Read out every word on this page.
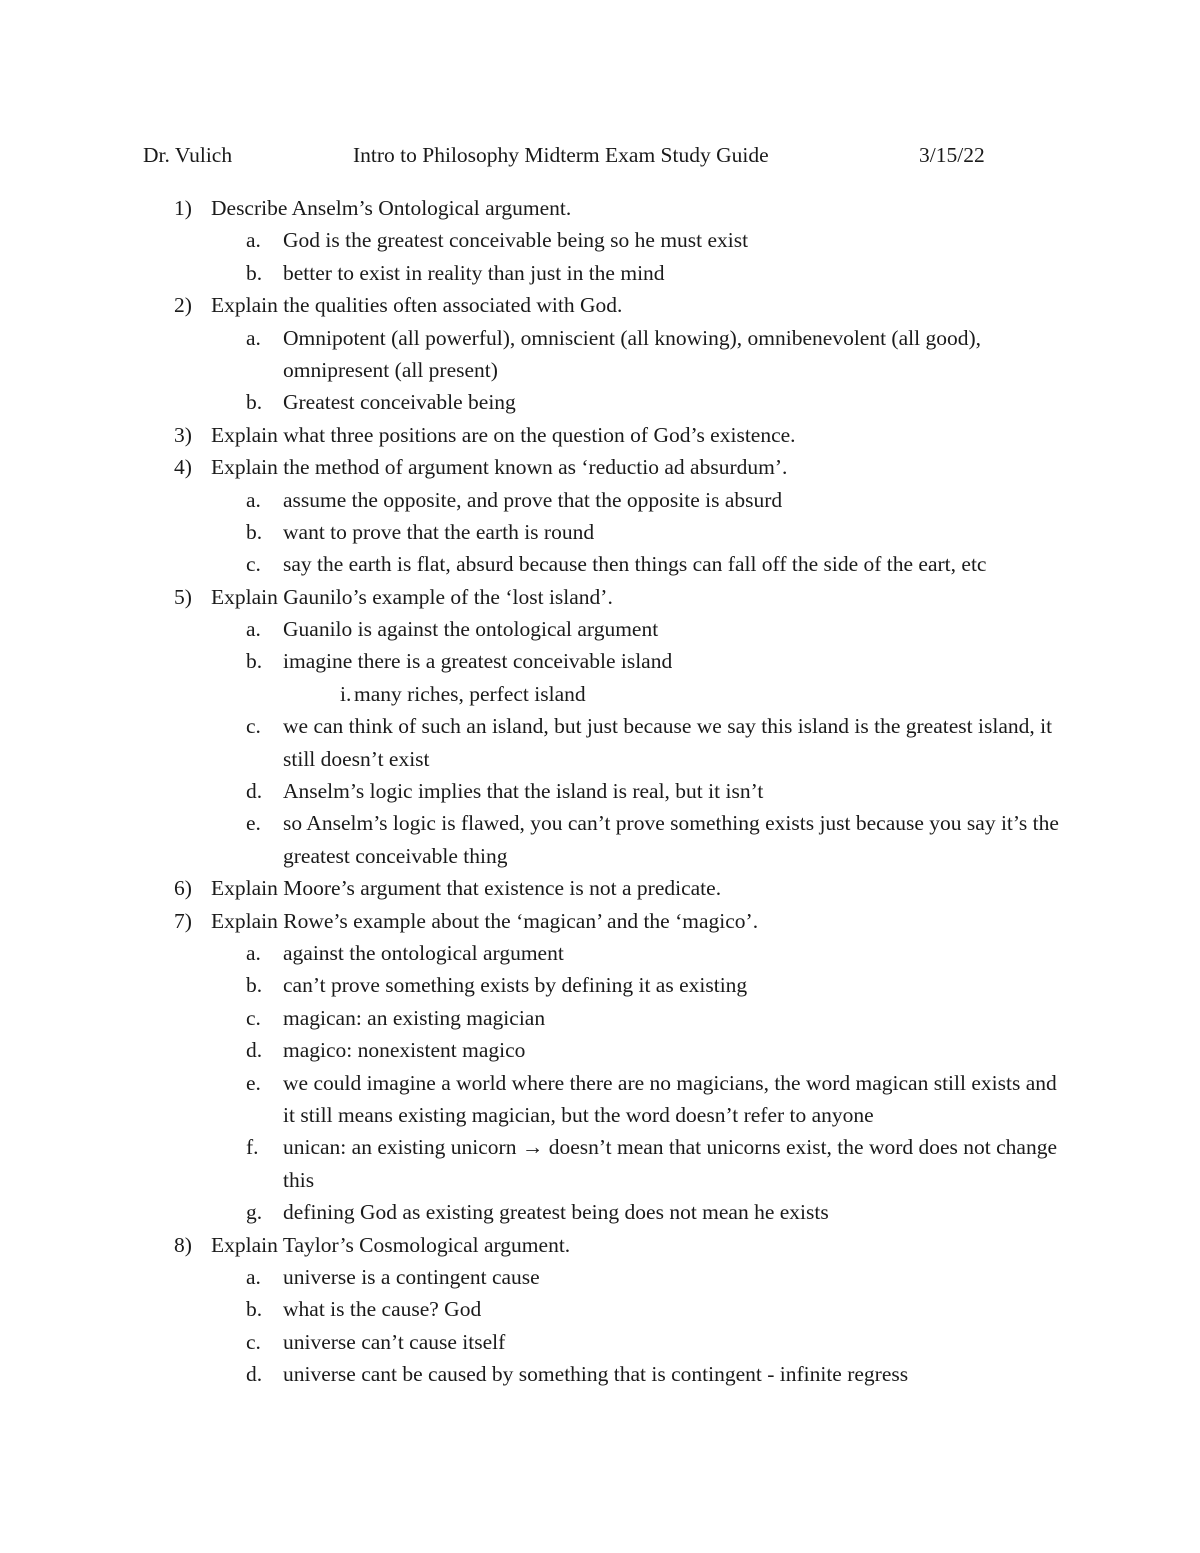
Dr. Vulich	Intro to Philosophy Midterm Exam Study Guide	3/15/22
1) Describe Anselm’s Ontological argument.
a. God is the greatest conceivable being so he must exist
b. better to exist in reality than just in the mind
2) Explain the qualities often associated with God.
a. Omnipotent (all powerful), omniscient (all knowing), omnibenevolent (all good), omnipresent (all present)
b. Greatest conceivable being
3) Explain what three positions are on the question of God’s existence.
4) Explain the method of argument known as ‘reductio ad absurdum’.
a. assume the opposite, and prove that the opposite is absurd
b. want to prove that the earth is round
c. say the earth is flat, absurd because then things can fall off the side of the eart, etc
5) Explain Gaunilo’s example of the ‘lost island’.
a. Guanilo is against the ontological argument
b. imagine there is a greatest conceivable island
i. many riches, perfect island
c. we can think of such an island, but just because we say this island is the greatest island, it still doesn’t exist
d. Anselm’s logic implies that the island is real, but it isn’t
e. so Anselm’s logic is flawed, you can’t prove something exists just because you say it’s the greatest conceivable thing
6) Explain Moore’s argument that existence is not a predicate.
7) Explain Rowe’s example about the ‘magican’ and the ‘magico’.
a. against the ontological argument
b. can’t prove something exists by defining it as existing
c. magican: an existing magician
d. magico: nonexistent magico
e. we could imagine a world where there are no magicians, the word magican still exists and it still means existing magician, but the word doesn’t refer to anyone
f. unican: an existing unicorn → doesn’t mean that unicorns exist, the word does not change this
g. defining God as existing greatest being does not mean he exists
8) Explain Taylor’s Cosmological argument.
a. universe is a contingent cause
b. what is the cause? God
c. universe can’t cause itself
d. universe cant be caused by something that is contingent - infinite regress
